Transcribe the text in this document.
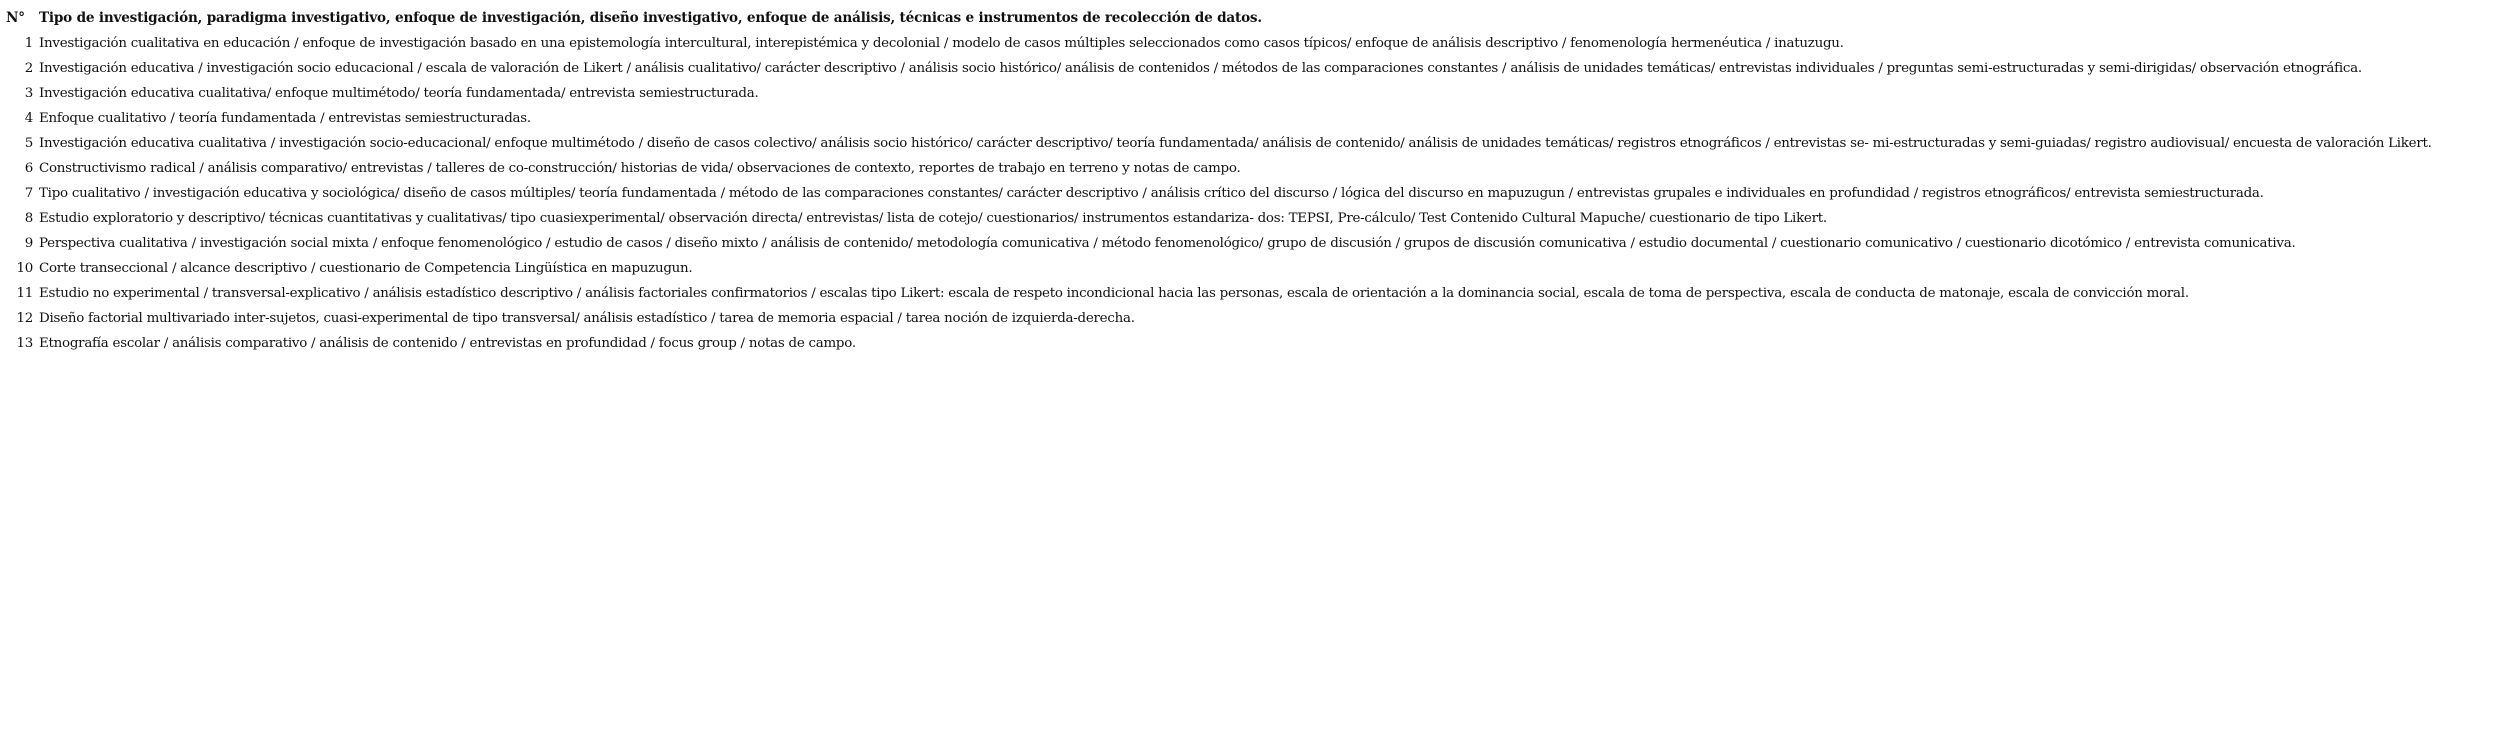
N°	Tipo de investigación, paradigma investigativo, enfoque de investigación, diseño investigativo, enfoque de análisis, técnicas e instrumentos de recolección de datos.
1	Investigación cualitativa en educación / enfoque de investigación basado en una epistemología intercultural, interepistémica y decolonial / modelo de casos múltiples seleccionados como casos típicos/ enfoque de análisis descriptivo / fenomenología hermenéutica / inatuzugu.
2	Investigación educativa / investigación socio educacional / escala de valoración de Likert / análisis cualitativo/ carácter descriptivo / análisis socio histórico/ análisis de contenidos / métodos de las comparaciones constantes / análisis de unidades temáticas/ entrevistas individuales / preguntas semi-estructuradas y semi-dirigidas/ observación etnográfica.
3	Investigación educativa cualitativa/ enfoque multimétodo/ teoría fundamentada/ entrevista semiestructurada.
4	Enfoque cualitativo / teoría fundamentada / entrevistas semiestructuradas.
5	Investigación educativa cualitativa / investigación socio-educacional/ enfoque multimétodo / diseño de casos colectivo/ análisis socio histórico/ carácter descriptivo/ teoría fundamentada/ análisis de contenido/ análisis de unidades temáticas/ registros etnográficos / entrevistas se- mi-estructuradas y semi-guiadas/ registro audiovisual/ encuesta de valoración Likert.
6	Constructivismo radical / análisis comparativo/ entrevistas / talleres de co-construcción/ historias de vida/ observaciones de contexto, reportes de trabajo en terreno y notas de campo.
7	Tipo cualitativo / investigación educativa y sociológica/ diseño de casos múltiples/ teoría fundamentada / método de las comparaciones constantes/ carácter descriptivo / análisis crítico del discurso / lógica del discurso en mapuzugun / entrevistas grupales e individuales en profundidad / registros etnográficos/ entrevista semiestructurada.
8	Estudio exploratorio y descriptivo/ técnicas cuantitativas y cualitativas/ tipo cuasiexperimental/ observación directa/ entrevistas/ lista de cotejo/ cuestionarios/ instrumentos estandariza- dos: TEPSI, Pre-cálculo/ Test Contenido Cultural Mapuche/ cuestionario de tipo Likert.
9	Perspectiva cualitativa / investigación social mixta / enfoque fenomenológico / estudio de casos / diseño mixto / análisis de contenido/ metodología comunicativa / método fenomenológico/ grupo de discusión / grupos de discusión comunicativa / estudio documental / cuestionario comunicativo / cuestionario dicotómico / entrevista comunicativa.
10	Corte transeccional / alcance descriptivo / cuestionario de Competencia Lingüística en mapuzugun.
11	Estudio no experimental / transversal-explicativo / análisis estadístico descriptivo / análisis factoriales confirmatorios / escalas tipo Likert: escala de respeto incondicional hacia las personas, escala de orientación a la dominancia social, escala de toma de perspectiva, escala de conducta de matonaje, escala de convicción moral.
12	Diseño factorial multivariado inter-sujetos, cuasi-experimental de tipo transversal/ análisis estadístico / tarea de memoria espacial / tarea noción de izquierda-derecha.
13	Etnografía escolar / análisis comparativo / análisis de contenido / entrevistas en profundidad / focus group / notas de campo.
